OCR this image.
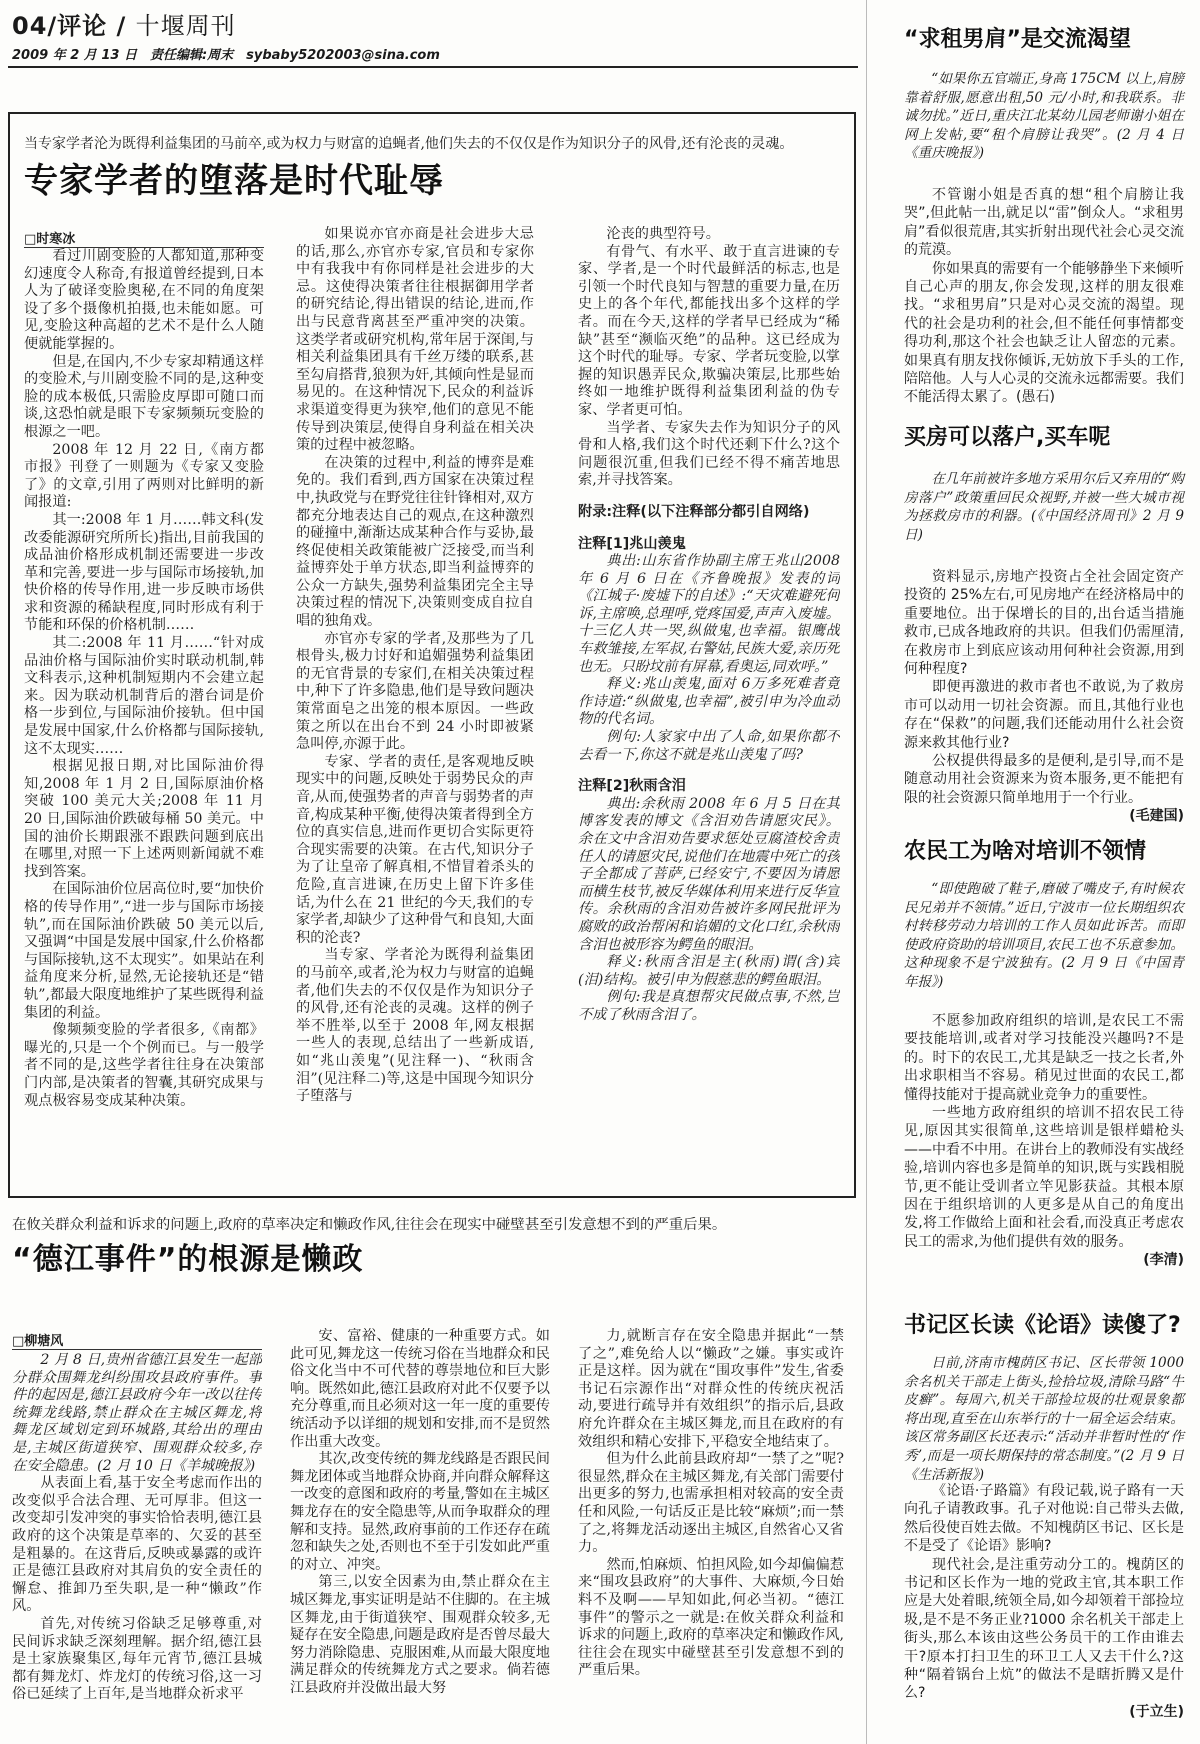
04/评论 / 十堰周刊
2009 年 2 月 13 日　责任编辑:周末　sybaby5202003@sina.com
当专家学者沦为既得利益集团的马前卒,或为权力与财富的追蝇者,他们失去的不仅仅是作为知识分子的风骨,还有沦丧的灵魂。
专家学者的堕落是时代耻辱
□时寒冰

看过川剧变脸的人都知道,那种变幻速度令人称奇,有报道曾经提到,日本人为了破译变脸奥秘,在不同的角度架设了多个摄像机拍摄,也未能如愿。可见,变脸这种高超的艺术不是什么人随便就能掌握的。

但是,在国内,不少专家却精通这样的变脸术,与川剧变脸不同的是,这种变脸的成本极低,只需脸皮厚即可随口而谈,这恐怕就是眼下专家频频玩变脸的根源之一吧。

2008 年 12 月 22 日,《南方都市报》刊登了一则题为《专家又变脸了》的文章,引用了两则对比鲜明的新闻报道:

其一:2008 年 1 月……韩文科(发改委能源研究所所长)指出,目前我国的成品油价格形成机制还需要进一步改革和完善,要进一步与国际市场接轨,加快价格的传导作用,进一步反映市场供求和资源的稀缺程度,同时形成有利于节能和环保的价格机制……

其二:2008 年 11 月……“针对成品油价格与国际油价实时联动机制,韩文科表示,这种机制短期内不会建立起来。因为联动机制背后的潜台词是价格一步到位,与国际油价接轨。但中国是发展中国家,什么价格都与国际接轨,这不太现实……

根据见报日期,对比国际油价得知,2008 年 1 月 2 日,国际原油价格突破 100 美元大关;2008 年 11 月 20 日,国际油价跌破每桶 50 美元。中国的油价长期跟涨不跟跌问题到底出在哪里,对照一下上述两则新闻就不难找到答案。

在国际油价位居高位时,要“加快价格的传导作用”,“进一步与国际市场接轨”,而在国际油价跌破 50 美元以后,又强调“中国是发展中国家,什么价格都与国际接轨,这不太现实”。如果站在利益角度来分析,显然,无论接轨还是“错轨”,都最大限度地维护了某些既得利益集团的利益。

像频频变脸的学者很多,《南都》曝光的,只是一个个例而已。与一般学者不同的是,这些学者往往身在决策部门内部,是决策者的智囊,其研究成果与观点极容易变成某种决策。

如果说亦官亦商是社会进步大忌的话,那么,亦官亦专家,官员和专家你中有我我中有你同样是社会进步的大忌。这使得决策者往往根据御用学者的研究结论,得出错误的结论,进而,作出与民意背离甚至严重冲突的决策。这类学者或研究机构,常年居于深闺,与相关利益集团具有千丝万缕的联系,甚至勾肩搭背,狼狈为奸,其倾向性是显而易见的。在这种情况下,民众的利益诉求渠道变得更为狭窄,他们的意见不能传导到决策层,使得自身利益在相关决策的过程中被忽略。

在决策的过程中,利益的博弈是难免的。我们看到,西方国家在决策过程中,执政党与在野党往往针锋相对,双方都充分地表达自己的观点,在这种激烈的碰撞中,渐渐达成某种合作与妥协,最终促使相关政策能被广泛接受,而当利益博弈处于单方状态,即当利益博弈的公众一方缺失,强势利益集团完全主导决策过程的情况下,决策则变成自拉自唱的独角戏。

亦官亦专家的学者,及那些为了几根骨头,极力讨好和追媚强势利益集团的无官背景的专家们,在相关决策过程中,种下了许多隐患,他们是导致问题决策常面皂之出笼的根本原因。一些政策之所以在出台不到 24 小时即被紧急叫停,亦源于此。

专家、学者的责任,是客观地反映现实中的问题,反映处于弱势民众的声音,从而,使强势者的声音与弱势者的声音,构成某种平衡,使得决策者得到全方位的真实信息,进而作更切合实际更符合现实需要的决策。在古代,知识分子为了让皇帝了解真相,不惜冒着杀头的危险,直言进谏,在历史上留下许多佳话,为什么在 21 世纪的今天,我们的专家学者,却缺少了这种骨气和良知,大面积的沦丧?

当专家、学者沦为既得利益集团的马前卒,或者,沦为权力与财富的追蝇者,他们失去的不仅仅是作为知识分子的风骨,还有沦丧的灵魂。这样的例子举不胜举,以至于 2008 年,网友根据一些人的表现,总结出了一些新成语,如“兆山羡鬼”(见注释一)、“秋雨含泪”(见注释二)等,这是中国现今知识分子堕落与

沦丧的典型符号。

有骨气、有水平、敢于直言进谏的专家、学者,是一个时代最鲜活的标志,也是引领一个时代良知与智慧的重要力量,在历史上的各个年代,都能找出多个这样的学者。而在今天,这样的学者早已经成为“稀缺”甚至“濒临灭绝”的品种。这已经成为这个时代的耻辱。专家、学者玩变脸,以掌握的知识愚弄民众,欺骗决策层,比那些始终如一地维护既得利益集团利益的伪专家、学者更可怕。

当学者、专家失去作为知识分子的风骨和人格,我们这个时代还剩下什么?这个问题很沉重,但我们已经不得不痛苦地思索,并寻找答案。

附录:注释(以下注释部分都引自网络)

注释[1]兆山羡鬼

典出:山东省作协副主席王兆山2008 年 6 月 6 日在《齐鲁晚报》发表的词《江城子·废墟下的自述》:“天灾难避死何诉,主席唤,总理呼,党疼国爱,声声入废墟。十三亿人共一哭,纵做鬼,也幸福。银鹰战车救雏接,左军叔,右警姑,民族大爱,亲历死也无。只盼坟前有屏幕,看奥运,同欢呼。”

释义:兆山羡鬼,面对 6万多死难者竟作诗道:“纵做鬼,也幸福”,被引申为冷血动物的代名词。

例句:人家家中出了人命,如果你都不去看一下,你这不就是兆山羡鬼了吗?

注释[2]秋雨含泪

典出:余秋雨 2008 年 6 月 5 日在其博客发表的博文《含泪劝告请愿灾民》。余在文中含泪劝告要求惩处豆腐渣校舍责任人的请愿灾民,说他们在地震中死亡的孩子全都成了菩萨,已经安宁,不要因为请愿而横生枝节,被反华媒体利用来进行反华宣传。余秋雨的含泪劝告被许多网民批评为腐败的政治帮闲和谄媚的文化口红,余秋雨含泪也被形容为鳄鱼的眼泪。

释义:秋雨含泪是主(秋雨)谓(含)宾(泪)结构。被引申为假慈悲的鳄鱼眼泪。

例句:我是真想帮灾民做点事,不然,岂不成了秋雨含泪了。

在攸关群众利益和诉求的问题上,政府的草率决定和懒政作风,往往会在现实中碰壁甚至引发意想不到的严重后果。
“德江事件”的根源是懒政
□柳塘风

2 月 8 日,贵州省德江县发生一起部分群众围舞龙纠纷围攻县政府事件。事件的起因是,德江县政府今年一改以往传统舞龙线路,禁止群众在主城区舞龙,将舞龙区域划定到环城路,其给出的理由是,主城区街道狭窄、围观群众较多,存在安全隐患。(2 月 10 日《羊城晚报》)

从表面上看,基于安全考虑而作出的改变似乎合法合理、无可厚非。但这一改变却引发冲突的事实恰恰表明,德江县政府的这个决策是草率的、欠妥的甚至是粗暴的。在这背后,反映或暴露的或许正是德江县政府对其肩负的安全责任的懈怠、推卸乃至失职,是一种“懒政”作风。

首先,对传统习俗缺乏足够尊重,对民间诉求缺乏深刻理解。据介绍,德江县是土家族聚集区,每年元宵节,德江县城都有舞龙灯、炸龙灯的传统习俗,这一习俗已延续了上百年,是当地群众祈求平

安、富裕、健康的一种重要方式。如此可见,舞龙这一传统习俗在当地群众和民俗文化当中不可代替的尊崇地位和巨大影响。既然如此,德江县政府对此不仅要予以充分尊重,而且必须对这一年一度的重要传统活动予以详细的规划和安排,而不是贸然作出重大改变。

其次,改变传统的舞龙线路是否跟民间舞龙团体或当地群众协商,并向群众解释这一改变的意图和政府的考量,警如在主城区舞龙存在的安全隐患等,从而争取群众的理解和支持。显然,政府事前的工作还存在疏忽和缺失之处,否则也不至于引发如此严重的对立、冲突。

第三,以安全因素为由,禁止群众在主城区舞龙,事实证明是站不住脚的。在主城区舞龙,由于街道狭窄、围观群众较多,无疑存在安全隐患,问题是政府是否曾尽最大努力消除隐患、克服困难,从而最大限度地满足群众的传统舞龙方式之要求。倘若德江县政府并没做出最大努

力,就断言存在安全隐患并据此“一禁了之”,难免给人以“懒政”之嫌。事实或许正是这样。因为就在“围攻事件”发生,省委书记石宗源作出“对群众性的传统庆祝活动,要进行疏导并有效组织”的指示后,县政府允许群众在主城区舞龙,而且在政府的有效组织和精心安排下,平稳安全地结束了。

但为什么此前县政府却“一禁了之”呢?很显然,群众在主城区舞龙,有关部门需要付出更多的努力,也需承担相对较高的安全责任和风险,一句话反正是比较“麻烦”;而一禁了之,将舞龙活动逐出主城区,自然省心又省力。

然而,怕麻烦、怕担风险,如今却偏偏惹来“围攻县政府”的大事件、大麻烦,今日始料不及啊——早知如此,何必当初。“德江事件”的警示之一就是:在攸关群众利益和诉求的问题上,政府的草率决定和懒政作风,往往会在现实中碰壁甚至引发意想不到的严重后果。

“求租男肩”是交流渴望
“如果你五官端正,身高 175CM 以上,肩膀靠着舒服,愿意出租,50 元/小时,和我联系。非诚勿扰。”近日,重庆江北某幼儿园老师谢小姐在网上发帖,要“租个肩膀让我哭”。(2 月 4 日《重庆晚报》)

不管谢小姐是否真的想“租个肩膀让我哭”,但此帖一出,就足以“雷”倒众人。“求租男肩”看似很荒唐,其实折射出现代社会心灵交流的荒漠。

你如果真的需要有一个能够静坐下来倾听自己心声的朋友,你会发现,这样的朋友很难找。“求租男肩”只是对心灵交流的渴望。现代的社会是功利的社会,但不能任何事情都变得功利,那这个社会也缺乏让人留恋的元素。如果真有朋友找你倾诉,无妨放下手头的工作,陪陪他。人与人心灵的交流永远都需要。我们不能活得太累了。(愚石)

买房可以落户,买车呢
在几年前被许多地方采用尔后又弃用的“购房落户”政策重回民众视野,并被一些大城市视为拯救房市的利器。(《中国经济周刊》2 月 9 日)

资料显示,房地产投资占全社会固定资产投资的 25%左右,可见房地产在经济格局中的重要地位。出于保增长的目的,出台适当措施救市,已成各地政府的共识。但我们仍需厘清,在救房市上到底应该动用何种社会资源,用到何种程度?

即便再激进的救市者也不敢说,为了救房市可以动用一切社会资源。而且,其他行业也存在“保救”的问题,我们还能动用什么社会资源来救其他行业?

公权提供得最多的是便利,是引导,而不是随意动用社会资源来为资本服务,更不能把有限的社会资源只简单地用于一个行业。

(毛建国)

农民工为啥对培训不领情
“即使跑破了鞋子,磨破了嘴皮子,有时候农民兄弟并不领情。”近日,宁波市一位长期组织农村转移劳动力培训的工作人员如此诉苦。而即使政府资助的培训项目,农民工也不乐意参加。这种现象不是宁波独有。(2 月 9 日《中国青年报》)

不愿参加政府组织的培训,是农民工不需要技能培训,或者对学习技能没兴趣吗?不是的。时下的农民工,尤其是缺乏一技之长者,外出求职相当不容易。稍见过世面的农民工,都懂得技能对于提高就业竞争力的重要性。

一些地方政府组织的培训不招农民工待见,原因其实很简单,这些培训是银样蜡枪头——中看不中用。在讲台上的教师没有实战经验,培训内容也多是简单的知识,既与实践相脱节,更不能让受训者立竿见影获益。其根本原因在于组织培训的人更多是从自己的角度出发,将工作做给上面和社会看,而没真正考虑农民工的需求,为他们提供有效的服务。

(李清)

书记区长读《论语》读傻了?
日前,济南市槐荫区书记、区长带领 1000 余名机关干部走上街头,捡拾垃圾,清除马路“牛皮癣”。每周六,机关干部捡垃圾的壮观景象都将出现,直至在山东举行的十一届全运会结束。该区常务副区长还表示:“活动并非暂时性的‘作秀’,而是一项长期保持的常态制度。”(2 月 9 日《生活新报》)

《论语·子路篇》有段记载,说子路有一天向孔子请教政事。孔子对他说:自己带头去做,然后役使百姓去做。不知槐荫区书记、区长是不是受了《论语》影响?

现代社会,是注重劳动分工的。槐荫区的书记和区长作为一地的党政主官,其本职工作应是大处着眼,统领全局,如今却领着干部捡垃圾,是不是不务正业?1000 余名机关干部走上街头,那么本该由这些公务员干的工作由谁去干?原本打扫卫生的环卫工人又去干什么?这种“隔着锅台上炕”的做法不是瞎折腾又是什么?

(于立生)
